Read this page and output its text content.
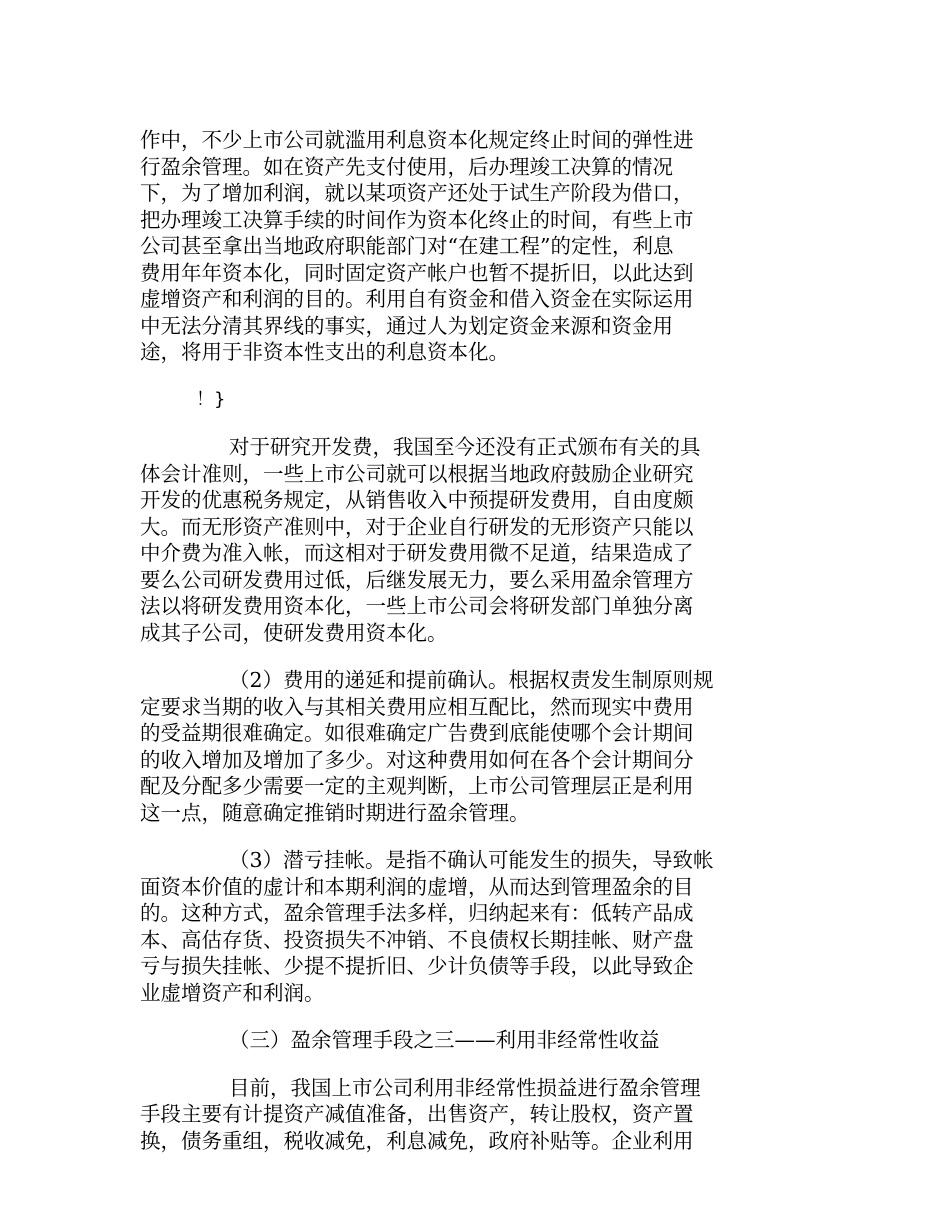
作中，不少上市公司就滥用利息资本化规定终止时间的弹性进
行盈余管理。如在资产先支付使用，后办理竣工决算的情况
下，为了增加利润，就以某项资产还处于试生产阶段为借口，
把办理竣工决算手续的时间作为资本化终止的时间，有些上市
公司甚至拿出当地政府职能部门对“在建工程”的定性，利息
费用年年资本化，同时固定资产帐户也暂不提折旧，以此达到
虚增资产和利润的目的。利用自有资金和借入资金在实际运用
中无法分清其界线的事实，通过人为划定资金来源和资金用
途，将用于非资本性支出的利息资本化。

！}

对于研究开发费，我国至今还没有正式颁布有关的具
体会计准则，一些上市公司就可以根据当地政府鼓励企业研究
开发的优惠税务规定，从销售收入中预提研发费用，自由度颇
大。而无形资产准则中，对于企业自行研发的无形资产只能以
中介费为准入帐，而这相对于研发费用微不足道，结果造成了
要么公司研发费用过低，后继发展无力，要么采用盈余管理方
法以将研发费用资本化，一些上市公司会将研发部门单独分离
成其子公司，使研发费用资本化。

（2）费用的递延和提前确认。根据权责发生制原则规
定要求当期的收入与其相关费用应相互配比，然而现实中费用
的受益期很难确定。如很难确定广告费到底能使哪个会计期间
的收入增加及增加了多少。对这种费用如何在各个会计期间分
配及分配多少需要一定的主观判断，上市公司管理层正是利用
这一点，随意确定推销时期进行盈余管理。

（3）潜亏挂帐。是指不确认可能发生的损失，导致帐
面资本价值的虚计和本期利润的虚增，从而达到管理盈余的目
的。这种方式，盈余管理手法多样，归纳起来有：低转产品成
本、高估存货、投资损失不冲销、不良债权长期挂帐、财产盘
亏与损失挂帐、少提不提折旧、少计负债等手段，以此导致企
业虚增资产和利润。

（三）盈余管理手段之三——利用非经常性收益

目前，我国上市公司利用非经常性损益进行盈余管理
手段主要有计提资产减值准备，出售资产，转让股权，资产置
换，债务重组，税收减免，利息减免，政府补贴等。企业利用
